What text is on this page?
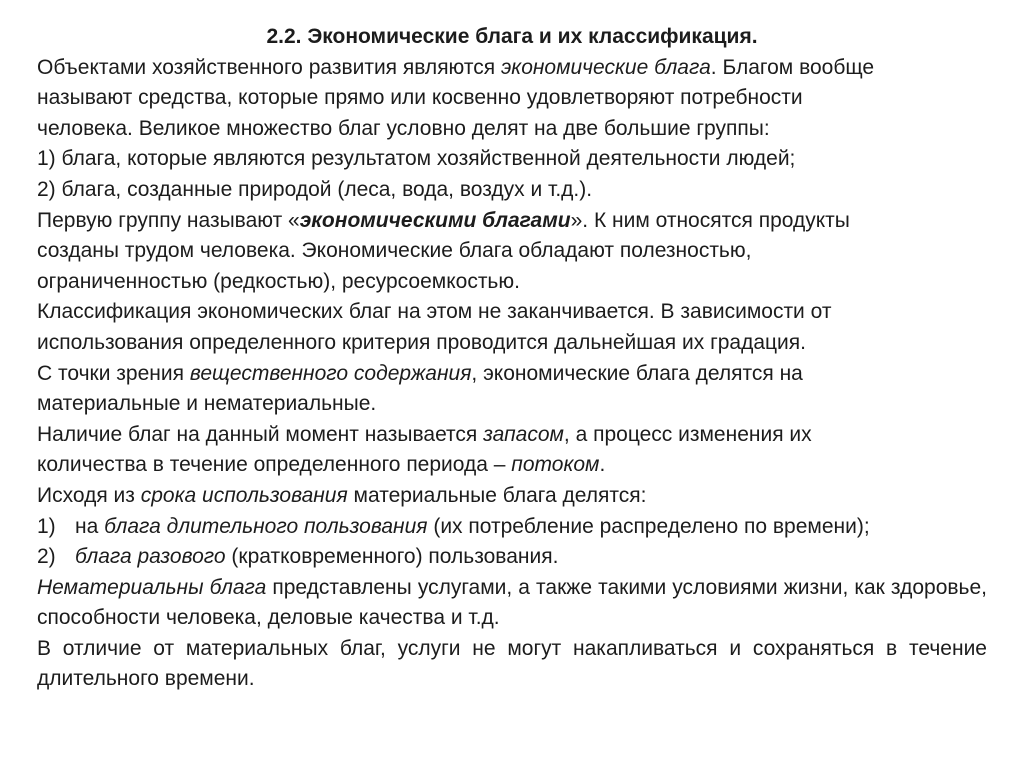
2.2. Экономические блага и их классификация.

Объектами хозяйственного развития являются экономические блага. Благом вообще

называют средства, которые прямо или косвенно удовлетворяют потребности

человека. Великое множество благ условно делят на две большие группы:

1) блага, которые являются результатом хозяйственной деятельности людей;

2) блага, созданные природой (леса, вода, воздух и т.д.).

Первую группу называют «экономическими благами». К ним относятся продукты

созданы трудом человека. Экономические блага обладают полезностью,

ограниченностью (редкостью), ресурсоемкостью.

Классификация экономических благ на этом не заканчивается. В зависимости от

использования определенного критерия проводится дальнейшая их градация.

С точки зрения вещественного содержания, экономические блага делятся на

материальные и нематериальные.

Наличие благ на данный момент называется запасом, а процесс изменения их

количества в течение определенного периода – потоком.

Исходя из срока использования материальные блага делятся:

1) на блага длительного пользования (их потребление распределено по времени);

2) блага разового (кратковременного) пользования.

Нематериальны блага представлены услугами, а также такими условиями жизни, как здоровье, способности человека, деловые качества и т.д.

В отличие от материальных благ, услуги не могут накапливаться и сохраняться в течение длительного времени.
